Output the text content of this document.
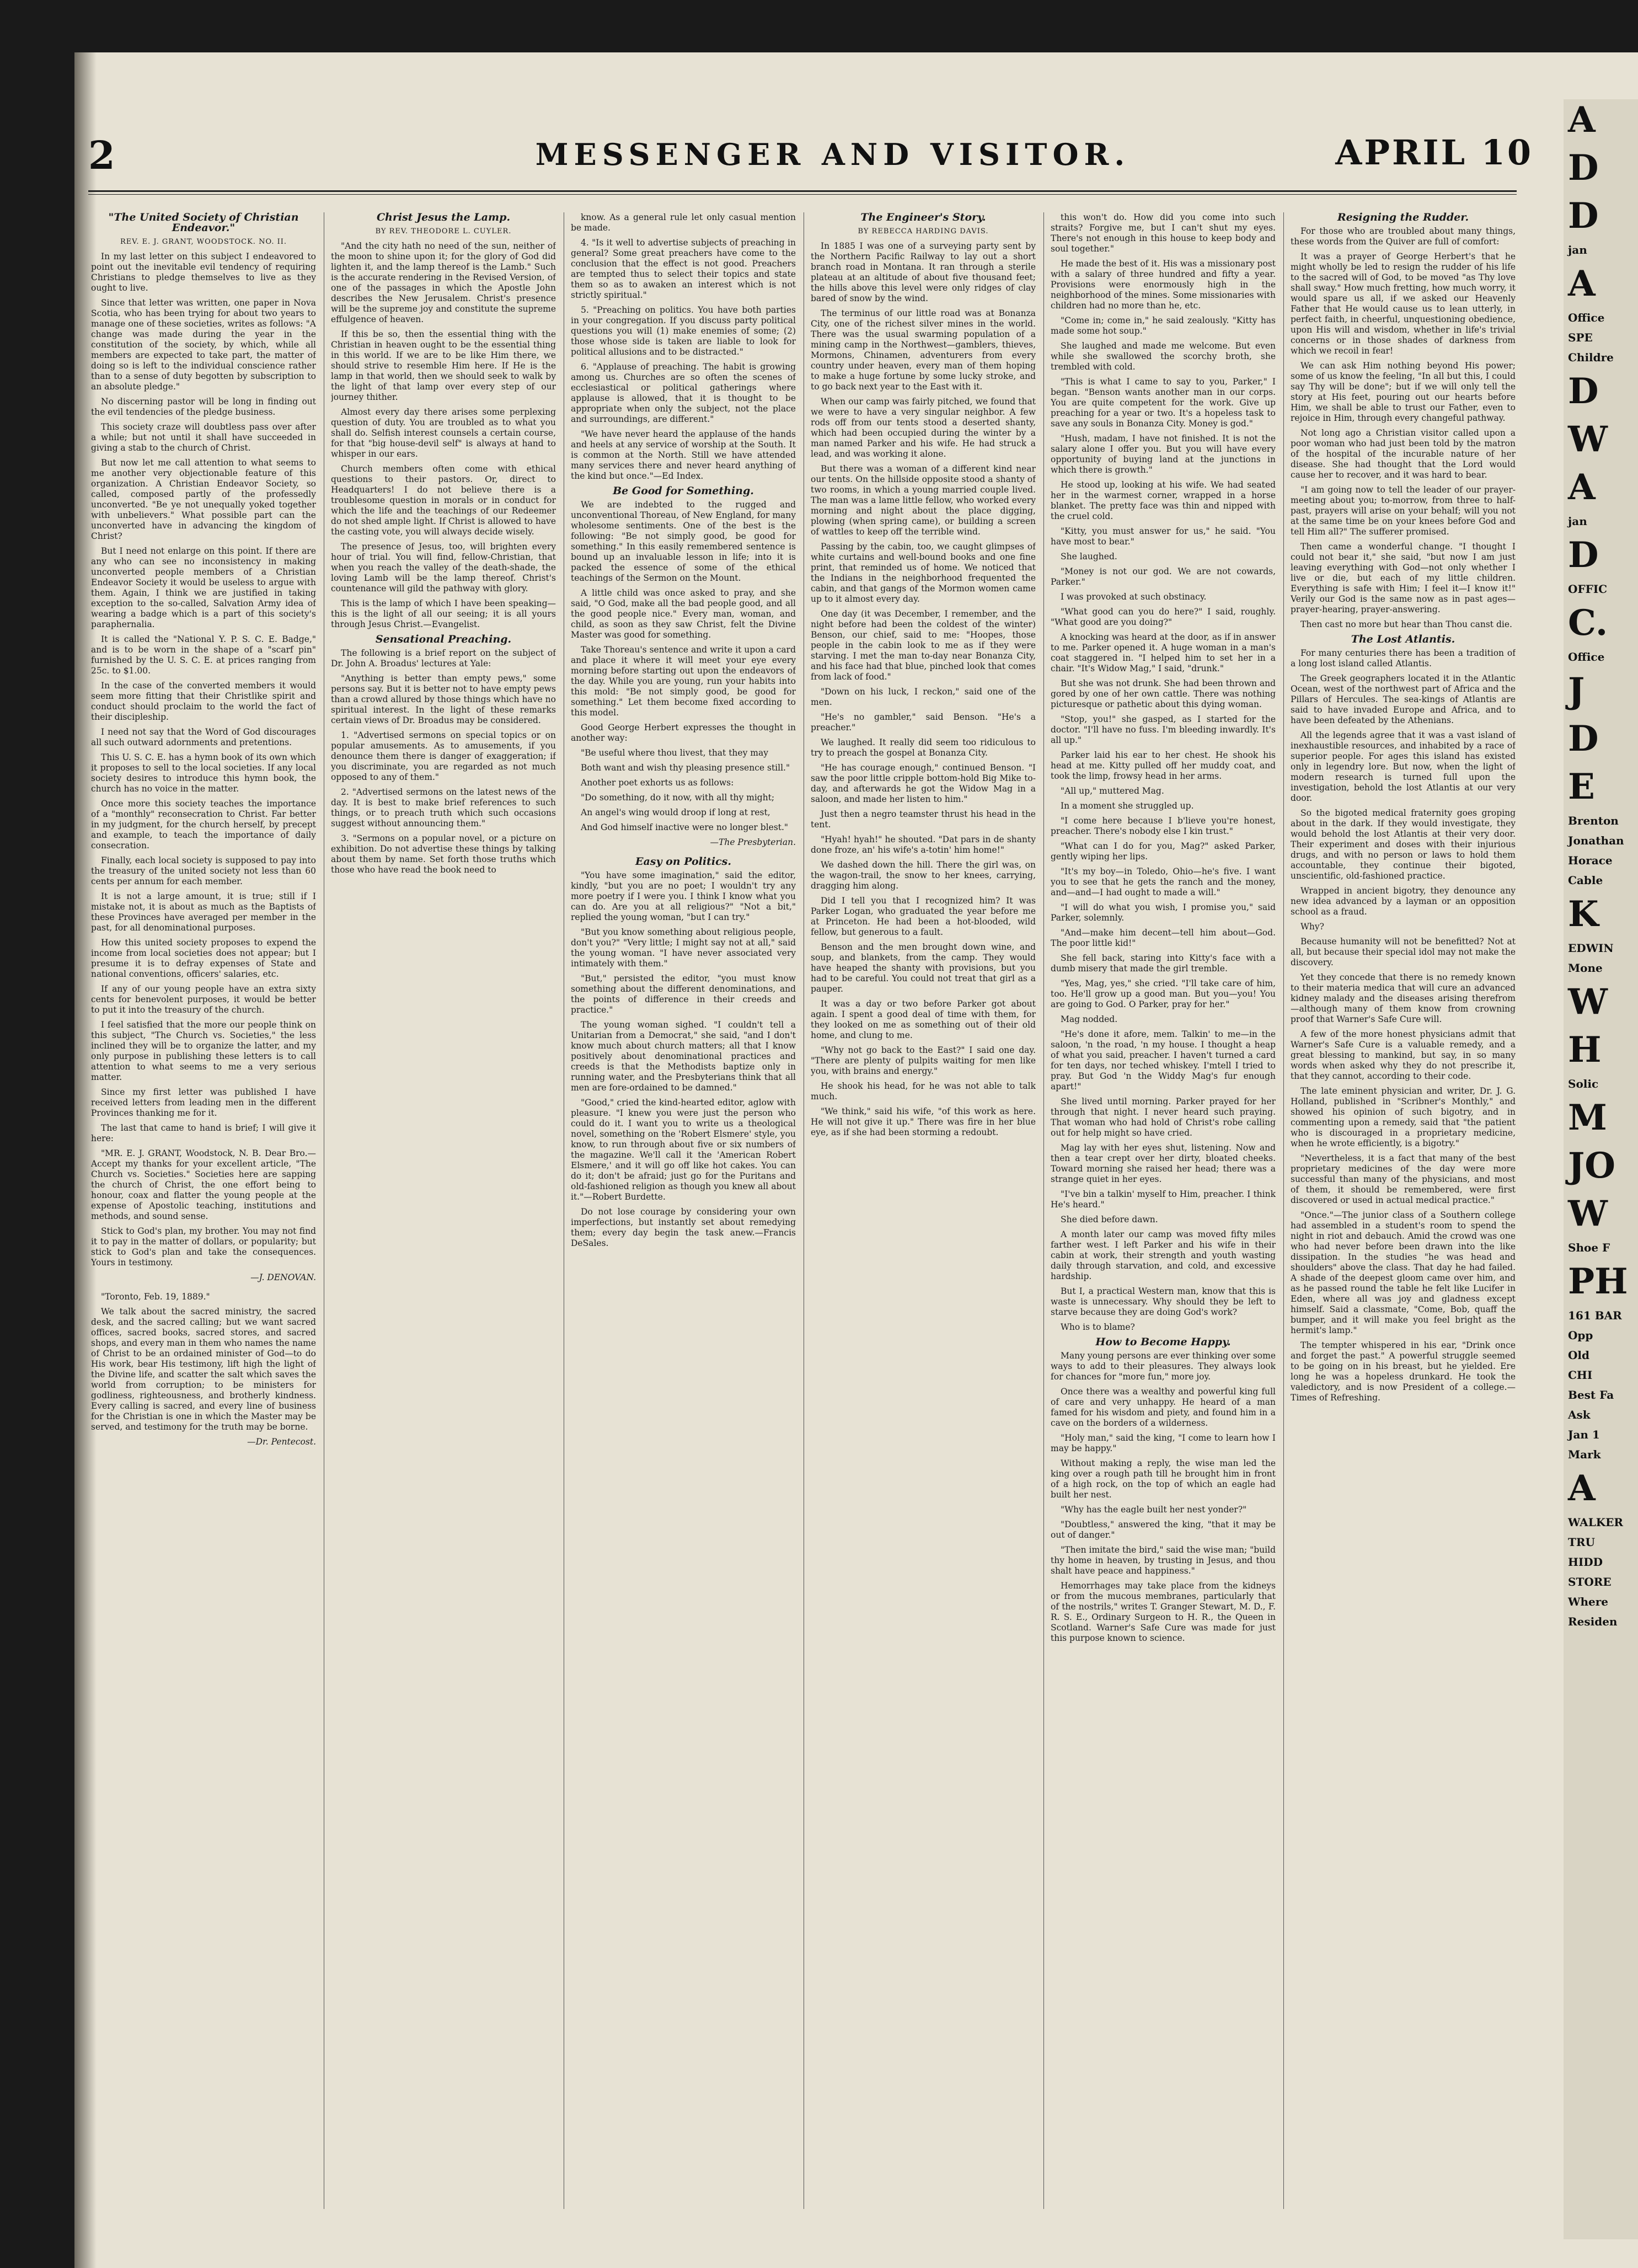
2	MESSENGER AND VISITOR.	APRIL 10
"The United Society of Christian Endeavor."
REV. E. J. GRANT, WOODSTOCK. NO. II.

In my last letter on this subject I endeavored to point out the inevitable evil tendency of requiring Christians to pledge themselves to live as they ought to live.

Since that letter was written, one paper in Nova Scotia, who has been trying for about two years to manage one of these societies, writes as follows: "A change was made during the year in the constitution of the society, by which, while all members are expected to take part, the matter of doing so is left to the individual conscience rather than to a sense of duty begotten by subscription to an absolute pledge."

No discerning pastor will be long in finding out the evil tendencies of the pledge business.

This society craze will doubtless pass over after a while; but not until it shall have succeeded in giving a stab to the church of Christ.

But now let me call attention to what seems to me another very objectionable feature of this organization. A Christian Endeavor Society, so called, composed partly of the professedly unconverted. "Be ye not unequally yoked together with unbelievers." What possible part can the unconverted have in advancing the kingdom of Christ?

But I need not enlarge on this point. If there are any who can see no inconsistency in making unconverted people members of a Christian Endeavor Society it would be useless to argue with them. Again, I think we are justified in taking exception to the so-called, Salvation Army idea of wearing a badge which is a part of this society's paraphernalia.

It is called the "National Y. P. S. C. E. Badge," and is to be worn in the shape of a "scarf pin" furnished by the U. S. C. E. at prices ranging from 25c. to $1.00.

In the case of the converted members it would seem more fitting that their Christlike spirit and conduct should proclaim to the world the fact of their discipleship.

I need not say that the Word of God discourages all such outward adornments and pretentions.

This U. S. C. E. has a hymn book of its own which it proposes to sell to the local societies. If any local society desires to introduce this hymn book, the church has no voice in the matter.

Once more this society teaches the importance of a "monthly" reconsecration to Christ. Far better in my judgment, for the church herself, by precept and example, to teach the importance of daily consecration.

Finally, each local society is supposed to pay into the treasury of the united society not less than 60 cents per annum for each member.

It is not a large amount, it is true; still if I mistake not, it is about as much as the Baptists of these Provinces have averaged per member in the past, for all denominational purposes.

How this united society proposes to expend the income from local societies does not appear; but I presume it is to defray expenses of State and national conventions, officers' salaries, etc.

If any of our young people have an extra sixty cents for benevolent purposes, it would be better to put it into the treasury of the church.

I feel satisfied that the more our people think on this subject, "The Church vs. Societies," the less inclined they will be to organize the latter, and my only purpose in publishing these letters is to call attention to what seems to me a very serious matter.

Since my first letter was published I have received letters from leading men in the different Provinces thanking me for it.

The last that came to hand is brief; I will give it here:

"MR. E. J. GRANT, Woodstock, N. B. Dear Bro.—Accept my thanks for your excellent article, "The Church vs. Societies." Societies here are sapping the church of Christ, the one effort being to honour, coax and flatter the young people at the expense of Apostolic teaching, institutions and methods, and sound sense.

Stick to God's plan, my brother. You may not find it to pay in the matter of dollars, or popularity; but stick to God's plan and take the consequences. Yours in testimony.

—J. DENOVAN.

"Toronto, Feb. 19, 1889."

We talk about the sacred ministry, the sacred desk, and the sacred calling; but we want sacred offices, sacred books, sacred stores, and sacred shops, and every man in them who names the name of Christ to be an ordained minister of God—to do His work, bear His testimony, lift high the light of the Divine life, and scatter the salt which saves the world from corruption; to be ministers for godliness, righteousness, and brotherly kindness. Every calling is sacred, and every line of business for the Christian is one in which the Master may be served, and testimony for the truth may be borne.

—Dr. Pentecost.
Christ Jesus the Lamp.
BY REV. THEODORE L. CUYLER.

"And the city hath no need of the sun, neither of the moon to shine upon it; for the glory of God did lighten it, and the lamp thereof is the Lamb." Such is the accurate rendering in the Revised Version, of one of the passages in which the Apostle John describes the New Jerusalem. Christ's presence will be the supreme joy and constitute the supreme effulgence of heaven.

If this be so, then the essential thing with the Christian in heaven ought to be the essential thing in this world. If we are to be like Him there, we should strive to resemble Him here. If He is the lamp in that world, then we should seek to walk by the light of that lamp over every step of our journey thither.

Almost every day there arises some perplexing question of duty. You are troubled as to what you shall do. Selfish interest counsels a certain course, for that "big house-devil self" is always at hand to whisper in our ears.

Church members often come with ethical questions to their pastors. Or, direct to Headquarters! I do not believe there is a troublesome question in morals or in conduct for which the life and the teachings of our Redeemer do not shed ample light. If Christ is allowed to have the casting vote, you will always decide wisely.

The presence of Jesus, too, will brighten every hour of trial. You will find, fellow-Christian, that when you reach the valley of the death-shade, the loving Lamb will be the lamp thereof. Christ's countenance will gild the pathway with glory.

This is the lamp of which I have been speaking—this is the light of all our seeing; it is all yours through Jesus Christ.—Evangelist.

Sensational Preaching.

The following is a brief report on the subject of Dr. John A. Broadus' lectures at Yale:

"Anything is better than empty pews," some persons say. But it is better not to have empty pews than a crowd allured by those things which have no spiritual interest. In the light of these remarks certain views of Dr. Broadus may be considered.

1. "Advertised sermons on special topics or on popular amusements. As to amusements, if you denounce them there is danger of exaggeration; if you discriminate, you are regarded as not much opposed to any of them."

2. "Advertised sermons on the latest news of the day. It is best to make brief references to such things, or to preach truth which such occasions suggest without announcing them."

3. "Sermons on a popular novel, or a picture on exhibition. Do not advertise these things by talking about them by name. Set forth those truths which those who have read the book need to

know. As a general rule let only casual mention be made.

4. "Is it well to advertise subjects of preaching in general? Some great preachers have come to the conclusion that the effect is not good. Preachers are tempted thus to select their topics and state them so as to awaken an interest which is not strictly spiritual."

5. "Preaching on politics. You have both parties in your congregation. If you discuss party political questions you will (1) make enemies of some; (2) those whose side is taken are liable to look for political allusions and to be distracted."

6. "Applause of preaching. The habit is growing among us. Churches are so often the scenes of ecclesiastical or political gatherings where applause is allowed, that it is thought to be appropriate when only the subject, not the place and surroundings, are different."

"We have never heard the applause of the hands and heels at any service of worship at the South. It is common at the North. Still we have attended many services there and never heard anything of the kind but once."—Ed Index.

Be Good for Something.

We are indebted to the rugged and unconventional Thoreau, of New England, for many wholesome sentiments. One of the best is the following: "Be not simply good, be good for something." In this easily remembered sentence is bound up an invaluable lesson in life; into it is packed the essence of some of the ethical teachings of the Sermon on the Mount.

A little child was once asked to pray, and she said, "O God, make all the bad people good, and all the good people nice." Every man, woman, and child, as soon as they saw Christ, felt the Divine Master was good for something.

Take Thoreau's sentence and write it upon a card and place it where it will meet your eye every morning before starting out upon the endeavors of the day. While you are young, run your habits into this mold: "Be not simply good, be good for something." Let them become fixed according to this model.

Good George Herbert expresses the thought in another way:

"Be useful where thou livest, that they may

Both want and wish thy pleasing presence still."

Another poet exhorts us as follows:

"Do something, do it now, with all thy might;

An angel's wing would droop if long at rest,

And God himself inactive were no longer blest."

—The Presbyterian.
Easy on Politics.

"You have some imagination," said the editor, kindly, "but you are no poet; I wouldn't try any more poetry if I were you. I think I know what you can do. Are you at all religious?" "Not a bit," replied the young woman, "but I can try."

"But you know something about religious people, don't you?" "Very little; I might say not at all," said the young woman. "I have never associated very intimately with them."

"But," persisted the editor, "you must know something about the different denominations, and the points of difference in their creeds and practice."

The young woman sighed. "I couldn't tell a Unitarian from a Democrat," she said, "and I don't know much about church matters; all that I know positively about denominational practices and creeds is that the Methodists baptize only in running water, and the Presbyterians think that all men are fore-ordained to be damned."

"Good," cried the kind-hearted editor, aglow with pleasure. "I knew you were just the person who could do it. I want you to write us a theological novel, something on the 'Robert Elsmere' style, you know, to run through about five or six numbers of the magazine. We'll call it the 'American Robert Elsmere,' and it will go off like hot cakes. You can do it; don't be afraid; just go for the Puritans and old-fashioned religion as though you knew all about it."—Robert Burdette.

Do not lose courage by considering your own imperfections, but instantly set about remedying them; every day begin the task anew.—Francis DeSales.

The Engineer's Story.
BY REBECCA HARDING DAVIS.

In 1885 I was one of a surveying party sent by the Northern Pacific Railway to lay out a short branch road in Montana. It ran through a sterile plateau at an altitude of about five thousand feet; the hills above this level were only ridges of clay bared of snow by the wind.

The terminus of our little road was at Bonanza City, one of the richest silver mines in the world. There was the usual swarming population of a mining camp in the Northwest—gamblers, thieves, Mormons, Chinamen, adventurers from every country under heaven, every man of them hoping to make a huge fortune by some lucky stroke, and to go back next year to the East with it.

When our camp was fairly pitched, we found that we were to have a very singular neighbor. A few rods off from our tents stood a deserted shanty, which had been occupied during the winter by a man named Parker and his wife. He had struck a lead, and was working it alone.

But there was a woman of a different kind near our tents. On the hillside opposite stood a shanty of two rooms, in which a young married couple lived. The man was a lame little fellow, who worked every morning and night about the place digging, plowing (when spring came), or building a screen of wattles to keep off the terrible wind.

Passing by the cabin, too, we caught glimpses of white curtains and well-bound books and one fine print, that reminded us of home. We noticed that the Indians in the neighborhood frequented the cabin, and that gangs of the Mormon women came up to it almost every day.

One day (it was December, I remember, and the night before had been the coldest of the winter) Benson, our chief, said to me: "Hoopes, those people in the cabin look to me as if they were starving. I met the man to-day near Bonanza City, and his face had that blue, pinched look that comes from lack of food."

"Down on his luck, I reckon," said one of the men.

"He's no gambler," said Benson. "He's a preacher."

We laughed. It really did seem too ridiculous to try to preach the gospel at Bonanza City.

"He has courage enough," continued Benson. "I saw the poor little cripple bottom-hold Big Mike to-day, and afterwards he got the Widow Mag in a saloon, and made her listen to him."

Just then a negro teamster thrust his head in the tent.

"Hyah! hyah!" he shouted. "Dat pars in de shanty done froze, an' his wife's a-totin' him home!"

We dashed down the hill. There the girl was, on the wagon-trail, the snow to her knees, carrying, dragging him along.

Did I tell you that I recognized him? It was Parker Logan, who graduated the year before me at Princeton. He had been a hot-blooded, wild fellow, but generous to a fault.

Benson and the men brought down wine, and soup, and blankets, from the camp. They would have heaped the shanty with provisions, but you had to be careful. You could not treat that girl as a pauper.

It was a day or two before Parker got about again. I spent a good deal of time with them, for they looked on me as something out of their old home, and clung to me.

"Why not go back to the East?" I said one day. "There are plenty of pulpits waiting for men like you, with brains and energy."

He shook his head, for he was not able to talk much.

"We think," said his wife, "of this work as here. He will not give it up." There was fire in her blue eye, as if she had been storming a redoubt.

this won't do. How did you come into such straits? Forgive me, but I can't shut my eyes. There's not enough in this house to keep body and soul together."

He made the best of it. His was a missionary post with a salary of three hundred and fifty a year. Provisions were enormously high in the neighborhood of the mines. Some missionaries with children had no more than he, etc.

"Come in; come in," he said zealously. "Kitty has made some hot soup."

She laughed and made me welcome. But even while she swallowed the scorchy broth, she trembled with cold.

"This is what I came to say to you, Parker," I began. "Benson wants another man in our corps. You are quite competent for the work. Give up preaching for a year or two. It's a hopeless task to save any souls in Bonanza City. Money is god."

"Hush, madam, I have not finished. It is not the salary alone I offer you. But you will have every opportunity of buying land at the junctions in which there is growth."

He stood up, looking at his wife. We had seated her in the warmest corner, wrapped in a horse blanket. The pretty face was thin and nipped with the cruel cold.

"Kitty, you must answer for us," he said. "You have most to bear."

She laughed.

"Money is not our god. We are not cowards, Parker."

I was provoked at such obstinacy.

"What good can you do here?" I said, roughly. "What good are you doing?"

A knocking was heard at the door, as if in answer to me. Parker opened it. A huge woman in a man's coat staggered in. "I helped him to set her in a chair. "It's Widow Mag," I said, "drunk."

But she was not drunk. She had been thrown and gored by one of her own cattle. There was nothing picturesque or pathetic about this dying woman.

"Stop, you!" she gasped, as I started for the doctor. "I'll have no fuss. I'm bleeding inwardly. It's all up."

Parker laid his ear to her chest. He shook his head at me. Kitty pulled off her muddy coat, and took the limp, frowsy head in her arms.

"All up," muttered Mag.

In a moment she struggled up.

"I come here because I b'lieve you're honest, preacher. There's nobody else I kin trust."

"What can I do for you, Mag?" asked Parker, gently wiping her lips.

"It's my boy—in Toledo, Ohio—he's five. I want you to see that he gets the ranch and the money, and—and—I had ought to made a will."

"I will do what you wish, I promise you," said Parker, solemnly.

"And—make him decent—tell him about—God. The poor little kid!"

She fell back, staring into Kitty's face with a dumb misery that made the girl tremble.

"Yes, Mag, yes," she cried. "I'll take care of him, too. He'll grow up a good man. But you—you! You are going to God. O Parker, pray for her."

Mag nodded.

"He's done it afore, mem. Talkin' to me—in the saloon, 'n the road, 'n my house. I thought a heap of what you said, preacher. I haven't turned a card for ten days, nor teched whiskey. I'mtell I tried to pray. But God 'n the Widdy Mag's fur enough apart!"

She lived until morning. Parker prayed for her through that night. I never heard such praying. That woman who had hold of Christ's robe calling out for help might so have cried.

Mag lay with her eyes shut, listening. Now and then a tear crept over her dirty, bloated cheeks. Toward morning she raised her head; there was a strange quiet in her eyes.

"I've bin a talkin' myself to Him, preacher. I think He's heard."

She died before dawn.

A month later our camp was moved fifty miles farther west. I left Parker and his wife in their cabin at work, their strength and youth wasting daily through starvation, and cold, and excessive hardship.

But I, a practical Western man, know that this is waste is unnecessary. Why should they be left to starve because they are doing God's work?

Who is to blame?

How to Become Happy.

Many young persons are ever thinking over some ways to add to their pleasures. They always look for chances for "more fun," more joy.

Once there was a wealthy and powerful king full of care and very unhappy. He heard of a man famed for his wisdom and piety, and found him in a cave on the borders of a wilderness.

"Holy man," said the king, "I come to learn how I may be happy."

Without making a reply, the wise man led the king over a rough path till he brought him in front of a high rock, on the top of which an eagle had built her nest.

"Why has the eagle built her nest yonder?"

"Doubtless," answered the king, "that it may be out of danger."

"Then imitate the bird," said the wise man; "build thy home in heaven, by trusting in Jesus, and thou shalt have peace and happiness."

Hemorrhages may take place from the kidneys or from the mucous membranes, particularly that of the nostrils," writes T. Granger Stewart, M. D., F. R. S. E., Ordinary Surgeon to H. R., the Queen in Scotland. Warner's Safe Cure was made for just this purpose known to science.

Resigning the Rudder.

For those who are troubled about many things, these words from the Quiver are full of comfort:

It was a prayer of George Herbert's that he might wholly be led to resign the rudder of his life to the sacred will of God, to be moved "as Thy love shall sway." How much fretting, how much worry, it would spare us all, if we asked our Heavenly Father that He would cause us to lean utterly, in perfect faith, in cheerful, unquestioning obedience, upon His will and wisdom, whether in life's trivial concerns or in those shades of darkness from which we recoil in fear!

We can ask Him nothing beyond His power; some of us know the feeling, "In all but this, I could say Thy will be done"; but if we will only tell the story at His feet, pouring out our hearts before Him, we shall be able to trust our Father, even to rejoice in Him, through every changeful pathway.

Not long ago a Christian visitor called upon a poor woman who had just been told by the matron of the hospital of the incurable nature of her disease. She had thought that the Lord would cause her to recover, and it was hard to bear.

"I am going now to tell the leader of our prayer-meeting about you; to-morrow, from three to half-past, prayers will arise on your behalf; will you not at the same time be on your knees before God and tell Him all?" The sufferer promised.

Then came a wonderful change. "I thought I could not bear it," she said, "but now I am just leaving everything with God—not only whether I live or die, but each of my little children. Everything is safe with Him; I feel it—I know it!" Verily our God is the same now as in past ages—prayer-hearing, prayer-answering.

Then cast no more but hear than Thou canst die.

The Lost Atlantis.

For many centuries there has been a tradition of a long lost island called Atlantis.

The Greek geographers located it in the Atlantic Ocean, west of the northwest part of Africa and the Pillars of Hercules. The sea-kings of Atlantis are said to have invaded Europe and Africa, and to have been defeated by the Athenians.

All the legends agree that it was a vast island of inexhaustible resources, and inhabited by a race of superior people. For ages this island has existed only in legendry lore. But now, when the light of modern research is turned full upon the investigation, behold the lost Atlantis at our very door.

So the bigoted medical fraternity goes groping about in the dark. If they would investigate, they would behold the lost Atlantis at their very door. Their experiment and doses with their injurious drugs, and with no person or laws to hold them accountable, they continue their bigoted, unscientific, old-fashioned practice.

Wrapped in ancient bigotry, they denounce any new idea advanced by a layman or an opposition school as a fraud.

Why?

Because humanity will not be benefitted? Not at all, but because their special idol may not make the discovery.

Yet they concede that there is no remedy known to their materia medica that will cure an advanced kidney malady and the diseases arising therefrom—although many of them know from crowning proof that Warner's Safe Cure will.

A few of the more honest physicians admit that Warner's Safe Cure is a valuable remedy, and a great blessing to mankind, but say, in so many words when asked why they do not prescribe it, that they cannot, according to their code.

The late eminent physician and writer, Dr. J. G. Holland, published in "Scribner's Monthly," and showed his opinion of such bigotry, and in commenting upon a remedy, said that "the patient who is discouraged in a proprietary medicine, when he wrote efficiently, is a bigotry."

"Nevertheless, it is a fact that many of the best proprietary medicines of the day were more successful than many of the physicians, and most of them, it should be remembered, were first discovered or used in actual medical practice."

"Once."—The junior class of a Southern college had assembled in a student's room to spend the night in riot and debauch. Amid the crowd was one who had never before been drawn into the like dissipation. In the studies "he was head and shoulders" above the class. That day he had failed. A shade of the deepest gloom came over him, and as he passed round the table he felt like Lucifer in Eden, where all was joy and gladness except himself. Said a classmate, "Come, Bob, quaff the bumper, and it will make you feel bright as the hermit's lamp."

The tempter whispered in his ear, "Drink once and forget the past." A powerful struggle seemed to be going on in his breast, but he yielded. Ere long he was a hopeless drunkard. He took the valedictory, and is now President of a college.—Times of Refreshing.

A
D
D
jan
A
Office
SPE
Childre
D
W
A
jan
D
OFFIC
C.
Office
J
D
E
Brenton
Jonathan
Horace
Cable
K
EDWIN
Mone
W
H
Solic
M
JO
W
Shoe F
PH
161 BAR
Opp
Old
CHI
Best Fa
Ask
Jan 1
Mark
A
WALKER
TRU
HIDD
STORE
Where
Residen
